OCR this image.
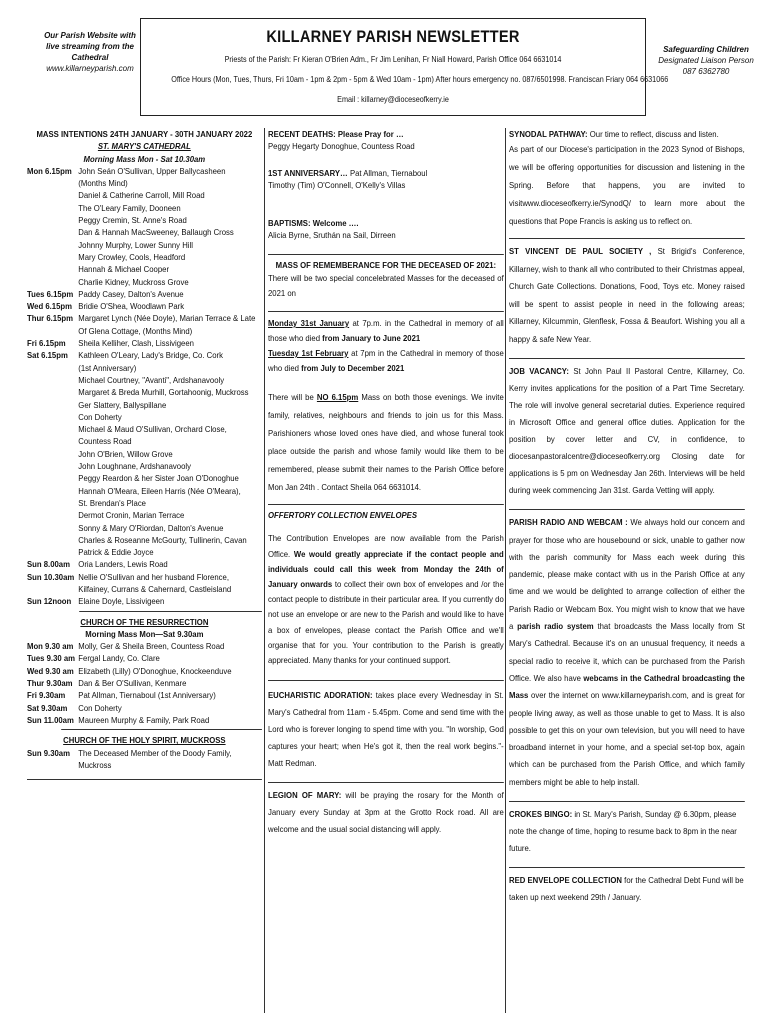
Our Parish Website with
live streaming from the
Cathedral
www.killarneyparish.com
KILLARNEY PARISH NEWSLETTER
Priests of the Parish: Fr Kieran O'Brien Adm., Fr Jim Lenihan, Fr Niall Howard, Parish Office 064 6631014
Office Hours (Mon, Tues, Thurs, Fri 10am - 1pm & 2pm - 5pm & Wed 10am - 1pm) After hours emergency no. 087/6501998. Franciscan Friary 064 6631066
Email : killarney@dioceseofkerry.ie
Safeguarding Children
Designated Liaison Person
087 6362780
MASS INTENTIONS 24TH JANUARY - 30TH JANUARY 2022
ST. MARY'S CATHEDRAL
Morning Mass Mon - Sat 10.30am
Mon 6.15pm John Seán O'Sullivan, Upper Ballycasheen
(Months Mind)
Daniel & Catherine Carroll, Mill Road
The O'Leary Family, Dooneen
Peggy Cremin, St. Anne's Road
Dan & Hannah MacSweeney, Ballaugh Cross
Johnny Murphy, Lower Sunny Hill
Mary Crowley, Cools, Headford
Hannah & Michael Cooper
Charlie Kidney, Muckross Grove
Tues 6.15pm Paddy Casey, Dalton's Avenue
Wed 6.15pm Bridie O'Shea, Woodlawn Park
Thur 6.15pm Margaret Lynch (Née Doyle), Marian Terrace & Late
Of Glena Cottage, (Months Mind)
Fri 6.15pm	Sheila Kelliher, Clash, Lissivigeen
Sat 6.15pm	Kathleen O'Leary, Lady's Bridge, Co. Cork
(1st Anniversary)
Michael Courtney, "Avanti", Ardshanavooly
Margaret & Breda Murhill, Gortahoonig, Muckross
Ger Slattery, Ballyspillane
Con Doherty
Michael & Maud O'Sullivan, Orchard Close,
Countess Road
John O'Brien, Willow Grove
John Loughnane, Ardshanavooly
Peggy Reardon & her Sister Joan O'Donoghue
Hannah O'Meara, Eileen Harris (Née O'Meara),
St. Brendan's Place
Dermot Cronin, Marian Terrace
Sonny & Mary O'Riordan, Dalton's Avenue
Charles & Roseanne McGourty, Tullinerin, Cavan
Patrick & Eddie Joyce
Sun 8.00am Oria Landers, Lewis Road
Sun 10.30am Nellie O'Sullivan and her husband Florence,
Kilfainey, Currans & Cahernard, Castleisland
Sun 12noon Elaine Doyle, Lissivigeen
CHURCH OF THE RESURRECTION
Morning Mass Mon—Sat 9.30am
Mon 9.30 am Molly, Ger & Sheila Breen, Countess Road
Tues 9.30 am Fergal Landy, Co. Clare
Wed 9.30 am Elizabeth (Lilly) O'Donoghue, Knockeenduve
Thur 9.30am Dan & Ber O'Sullivan, Kenmare
Fri 9.30am	Pat Allman, Tiernaboul (1st Anniversary)
Sat 9.30am	Con Doherty
Sun 11.00am Maureen Murphy & Family, Park Road
CHURCH OF THE HOLY SPIRIT, MUCKROSS
Sun 9.30am The Deceased Member of the Doody Family,
Muckross
RECENT DEATHS: Please Pray for …
Peggy Hegarty Donoghue, Countess Road
1ST ANNIVERSARY… Pat Allman, Tiernaboul
Timothy (Tim) O'Connell, O'Kelly's Villas
BAPTISMS: Welcome ….
Alicia Byrne, Sruthán na Sail, Dirreen
MASS OF REMEMBERANCE FOR THE DECEASED OF 2021:

There will be two special concelebrated Masses for the deceased of 2021 on

Monday 31st January at 7p.m. in the Cathedral in memory of all those who died from January to June 2021

Tuesday 1st February at 7pm in the Cathedral in memory of those who died from July to December 2021

There will be NO 6.15pm Mass on both those evenings. We invite family, relatives, neighbours and friends to join us for this Mass. Parishioners whose loved ones have died, and whose funeral took place outside the parish and whose family would like them to be remembered, please submit their names to the Parish Office before Mon Jan 24th . Contact Sheila 064 6631014.

OFFERTORY COLLECTION ENVELOPES

The Contribution Envelopes are now available from the Parish Office. We would greatly appreciate if the contact people and individuals could call this week from Monday the 24th of January onwards to collect their own box of envelopes and /or the contact people to distribute in their particular area. If you currently do not use an envelope or are new to the Parish and would like to have a box of envelopes, please contact the Parish Office and we'll organise that for you. Your contribution to the Parish is greatly appreciated. Many thanks for your continued support.

EUCHARISTIC ADORATION: takes place every Wednesday in St. Mary's Cathedral from 11am - 5.45pm. Come and send time with the Lord who is forever longing to spend time with you. "In worship, God captures your heart; when He's got it, then the real work begins."- Matt Redman.

LEGION OF MARY: will be praying the rosary for the Month of January every Sunday at 3pm at the Grotto Rock road. All are welcome and the usual social distancing will apply.

SYNODAL PATHWAY: Our time to reflect, discuss and listen.

As part of our Diocese's participation in the 2023 Synod of Bishops, we will be offering opportunities for discussion and listening in the Spring. Before that happens, you are invited to visitwww.dioceseofkerry.ie/SynodQ/ to learn more about the questions that Pope Francis is asking us to reflect on.

ST VINCENT DE PAUL SOCIETY , St Brigid's Conference, Killarney, wish to thank all who contributed to their Christmas appeal, Church Gate Collections. Donations, Food, Toys etc. Money raised will be spent to assist people in need in the following areas; Killarney, Kilcummin, Glenflesk, Fossa & Beaufort. Wishing you all a happy & safe New Year.

JOB VACANCY: St John Paul II Pastoral Centre, Killarney, Co. Kerry invites applications for the position of a Part Time Secretary. The role will involve general secretarial duties. Experience required in Microsoft Office and general office duties. Application for the position by cover letter and CV, in confidence, to diocesanpastoralcentre@dioceseofkerry.org Closing date for applications is 5 pm on Wednesday Jan 26th. Interviews will be held during week commencing Jan 31st. Garda Vetting will apply.

PARISH RADIO AND WEBCAM : We always hold our concern and prayer for those who are housebound or sick, unable to gather now with the parish community for Mass each week during this pandemic, please make contact with us in the Parish Office at any time and we would be delighted to arrange collection of either the Parish Radio or Webcam Box. You might wish to know that we have a parish radio system that broadcasts the Mass locally from St Mary's Cathedral. Because it's on an unusual frequency, it needs a special radio to receive it, which can be purchased from the Parish Office. We also have webcams in the Cathedral broadcasting the Mass over the internet on www.killarneyparish.com, and is great for people living away, as well as those unable to get to Mass. It is also possible to get this on your own television, but you will need to have broadband internet in your home, and a special set-top box, again which can be purchased from the Parish Office, and which family members might be able to help install.

CROKES BINGO: in St. Mary's Parish, Sunday @ 6.30pm, please note the change of time, hoping to resume back to 8pm in the near future.

RED ENVELOPE COLLECTION for the Cathedral Debt Fund will be taken up next weekend 29th / January.
